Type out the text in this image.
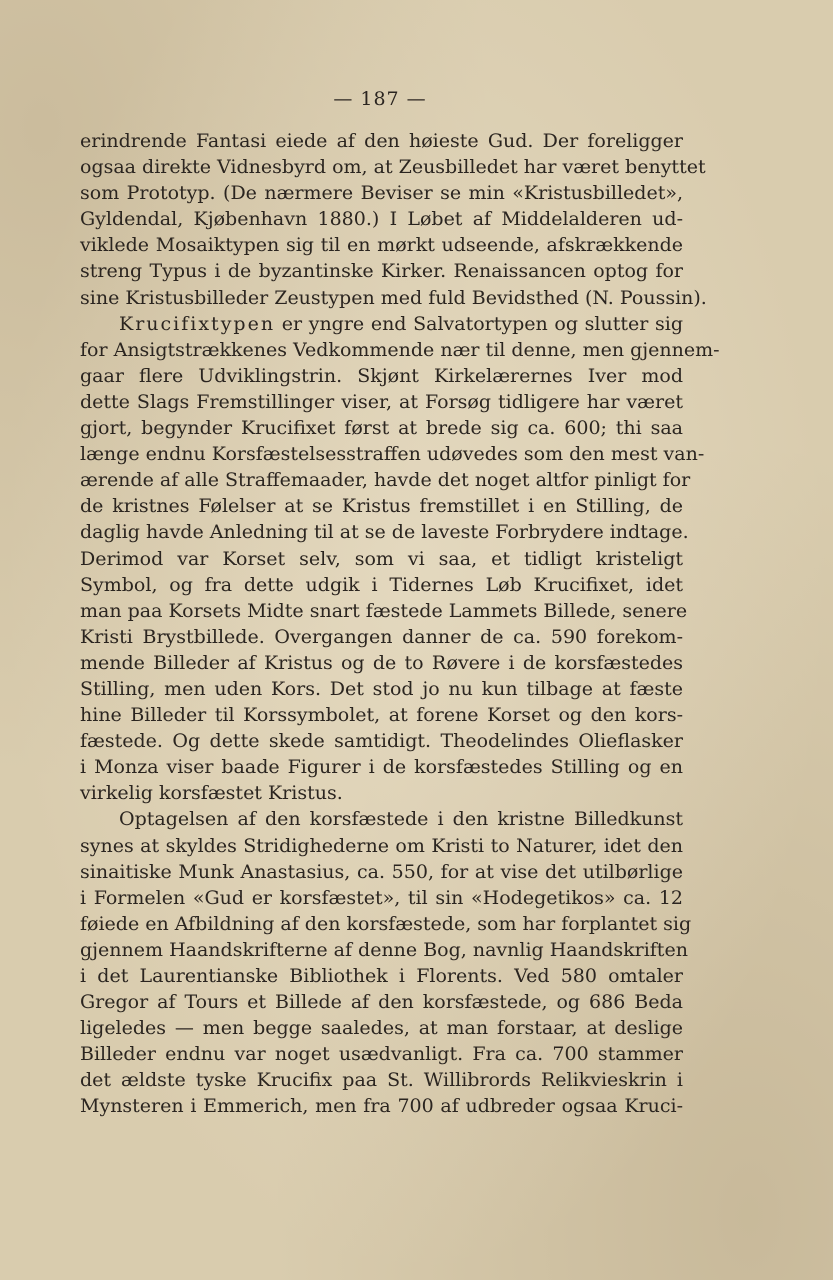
— 187 —
erindrende Fantasi eiede af den høieste Gud. Der foreligger
ogsaa direkte Vidnesbyrd om, at Zeusbilledet har været benyttet
som Prototyp. (De nærmere Beviser se min «Kristusbilledet»,
Gyldendal, Kjøbenhavn 1880.) I Løbet af Middelalderen ud-
viklede Mosaiktypen sig til en mørkt udseende, afskrækkende
streng Typus i de byzantinske Kirker. Renaissancen optog for
sine Kristusbilleder Zeustypen med fuld Bevidsthed (N. Poussin).
Krucifixtypen er yngre end Salvatortypen og slutter sig
for Ansigtstrækkenes Vedkommende nær til denne, men gjennem-
gaar flere Udviklingstrin. Skjønt Kirkelærernes Iver mod
dette Slags Fremstillinger viser, at Forsøg tidligere har været
gjort, begynder Krucifixet først at brede sig ca. 600; thi saa
længe endnu Korsfæstelsesstraffen udøvedes som den mest van-
ærende af alle Straffemaader, havde det noget altfor pinligt for
de kristnes Følelser at se Kristus fremstillet i en Stilling, de
daglig havde Anledning til at se de laveste Forbrydere indtage.
Derimod var Korset selv, som vi saa, et tidligt kristeligt
Symbol, og fra dette udgik i Tidernes Løb Krucifixet, idet
man paa Korsets Midte snart fæstede Lammets Billede, senere
Kristi Brystbillede. Overgangen danner de ca. 590 forekom-
mende Billeder af Kristus og de to Røvere i de korsfæstedes
Stilling, men uden Kors. Det stod jo nu kun tilbage at fæste
hine Billeder til Korssymbolet, at forene Korset og den kors-
fæstede. Og dette skede samtidigt. Theodelindes Olieflasker
i Monza viser baade Figurer i de korsfæstedes Stilling og en
virkelig korsfæstet Kristus.
Optagelsen af den korsfæstede i den kristne Billedkunst
synes at skyldes Stridighederne om Kristi to Naturer, idet den
sinaitiske Munk Anastasius, ca. 550, for at vise det utilbørlige
i Formelen «Gud er korsfæstet», til sin «Hodegetikos» ca. 12
føiede en Afbildning af den korsfæstede, som har forplantet sig
gjennem Haandskrifterne af denne Bog, navnlig Haandskriften
i det Laurentianske Bibliothek i Florents. Ved 580 omtaler
Gregor af Tours et Billede af den korsfæstede, og 686 Beda
ligeledes — men begge saaledes, at man forstaar, at deslige
Billeder endnu var noget usædvanligt. Fra ca. 700 stammer
det ældste tyske Krucifix paa St. Willibrords Relikvieskrin i
Mynsteren i Emmerich, men fra 700 af udbreder ogsaa Kruci-
